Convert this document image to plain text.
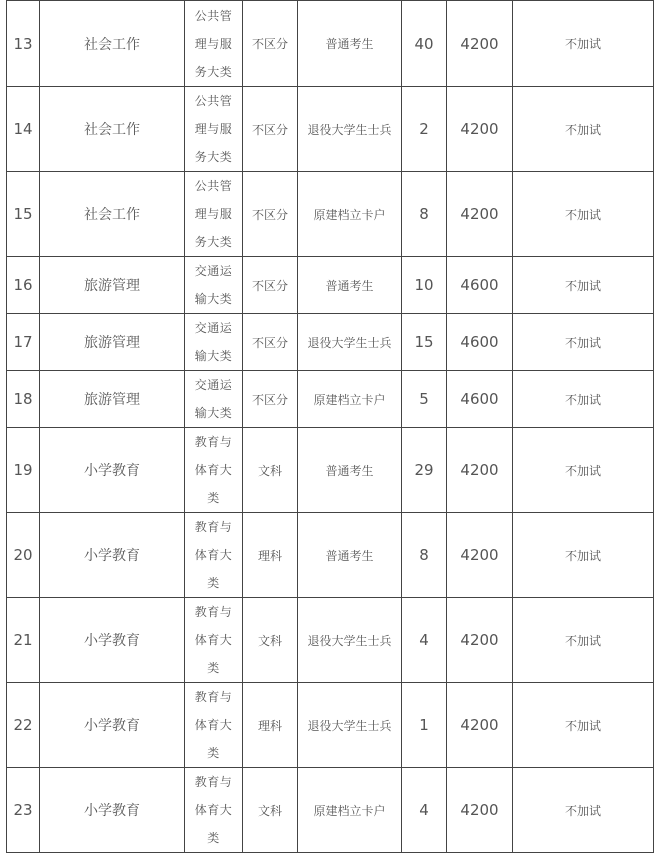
13	社会工作	公共管
理与服
务大类	不区分	普通考生	40	4200	不加试
14	社会工作	公共管
理与服
务大类	不区分	退役大学生士兵	2	4200	不加试
15	社会工作	公共管
理与服
务大类	不区分	原建档立卡户	8	4200	不加试
16	旅游管理	交通运
输大类	不区分	普通考生	10	4600	不加试
17	旅游管理	交通运
输大类	不区分	退役大学生士兵	15	4600	不加试
18	旅游管理	交通运
输大类	不区分	原建档立卡户	5	4600	不加试
19	小学教育	教育与
体育大
类	文科	普通考生	29	4200	不加试
20	小学教育	教育与
体育大
类	理科	普通考生	8	4200	不加试
21	小学教育	教育与
体育大
类	文科	退役大学生士兵	4	4200	不加试
22	小学教育	教育与
体育大
类	理科	退役大学生士兵	1	4200	不加试
23	小学教育	教育与
体育大
类	文科	原建档立卡户	4	4200	不加试
